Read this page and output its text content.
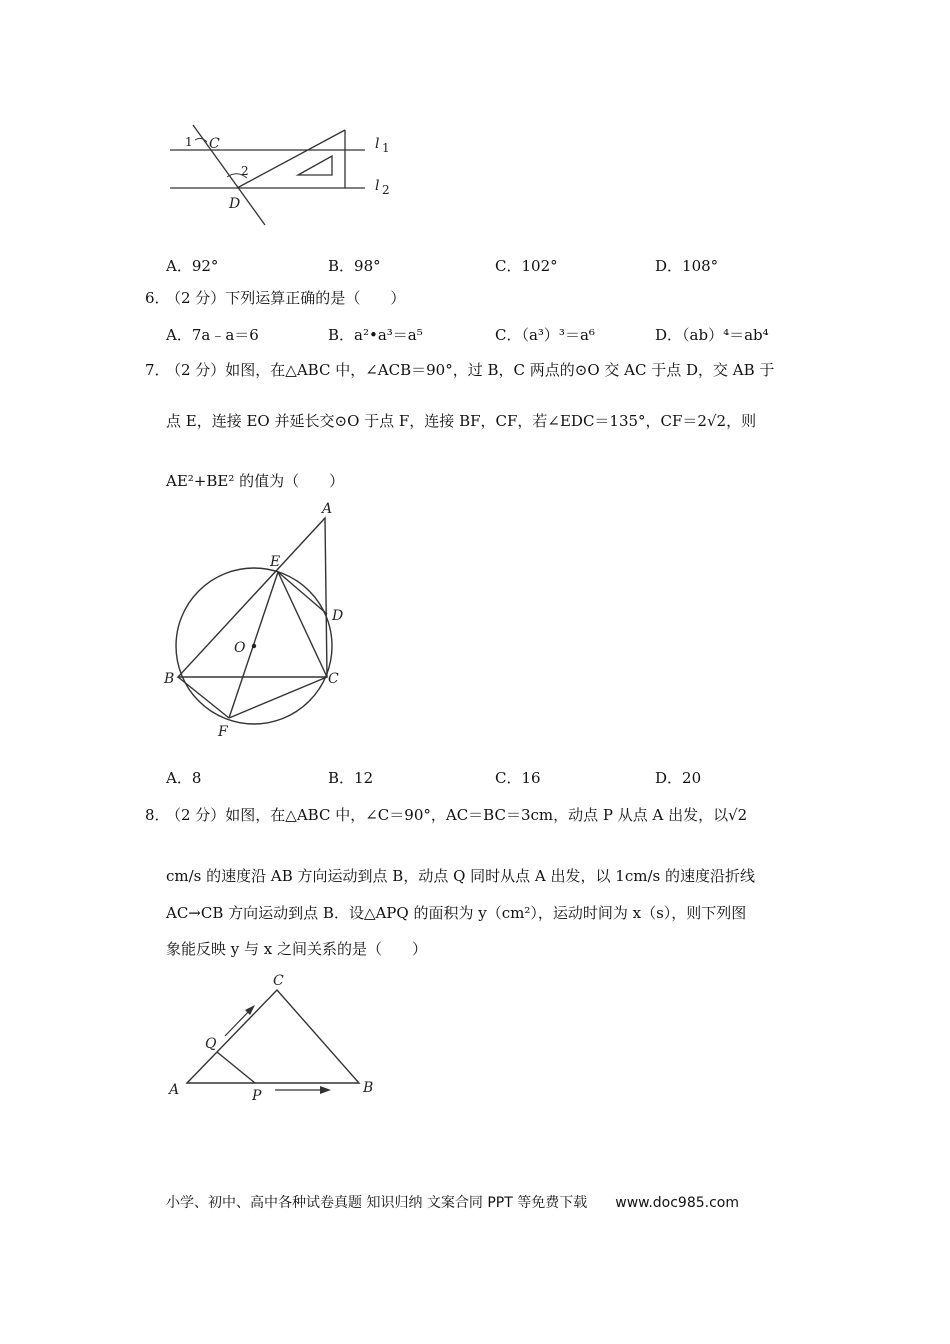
1 C
2
D
l 1
l 2
A．92°	B．98°	C．102°	D．108°
6．
（2 分）下列运算正确的是（　　）
A．7a﹣a＝6	B．a²•a³＝a⁵	C．（a³）³＝a⁶	D．（ab）⁴＝ab⁴
7．
（2 分）如图，在△ABC 中，∠ACB＝90°，过 B，C 两点的⊙O 交 AC 于点 D，交 AB 于
点 E，连接 EO 并延长交⊙O 于点 F，连接 BF，CF，若∠EDC＝135°，CF＝2√2，则
AE²+BE² 的值为（　　）
A
E
D
O
B	C
F
A．8	B．12	C．16	D．20
8．
（2 分）如图，在△ABC 中，∠C＝90°，AC＝BC＝3cm，动点 P 从点 A 出发，以√2
cm/s 的速度沿 AB 方向运动到点 B，动点 Q 同时从点 A 出发，以 1cm/s 的速度沿折线
AC→CB 方向运动到点 B．设△APQ 的面积为 y（cm²），运动时间为 x（s），则下列图
象能反映 y 与 x 之间关系的是（　　）
C
Q
A	P	B
小学、初中、高中各种试卷真题 知识归纳 文案合同 PPT 等免费下载 www.doc985.com
